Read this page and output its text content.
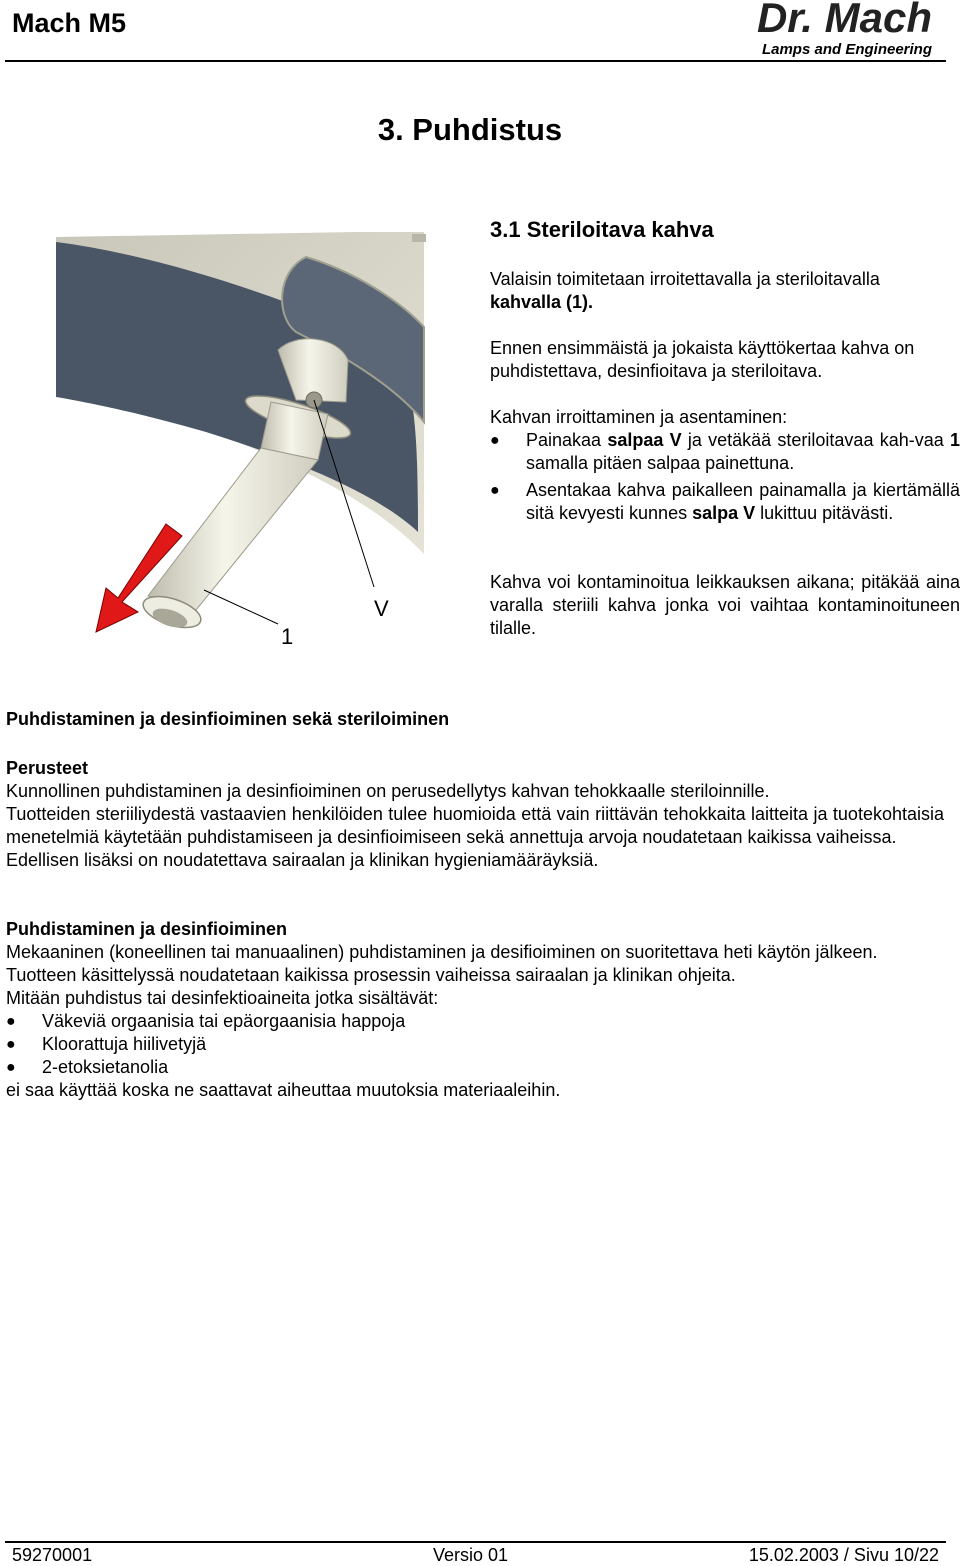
Mach M5	Dr. Mach
Lamps and Engineering
3. Puhdistus
V
1
3.1 Steriloitava kahva
Valaisin toimitetaan irroitettavalla ja steriloitavalla
kahvalla (1).
Ennen ensimmäistä ja jokaista käyttökertaa kahva on puhdistettava, desinfioitava ja steriloitava.
Kahvan irroittaminen ja asentaminen:
●	Painakaa salpaa V ja vetäkää steriloitavaa kah-vaa 1 samalla pitäen salpaa painettuna.
●	Asentakaa kahva paikalleen painamalla ja kiertämällä sitä kevyesti kunnes salpa V lukittuu pitävästi.
Kahva voi kontaminoitua leikkauksen aikana; pitäkää aina varalla steriili kahva jonka voi vaihtaa kontaminoituneen tilalle.
Puhdistaminen ja desinfioiminen sekä steriloiminen
Perusteet
Kunnollinen puhdistaminen ja desinfioiminen on perusedellytys kahvan tehokkaalle steriloinnille.
Tuotteiden steriiliydestä vastaavien henkilöiden tulee huomioida että vain riittävän tehokkaita laitteita ja tuotekohtaisia menetelmiä käytetään puhdistamiseen ja desinfioimiseen sekä annettuja arvoja noudatetaan kaikissa vaiheissa.
Edellisen lisäksi on noudatettava sairaalan ja klinikan hygieniamääräyksiä.
Puhdistaminen ja desinfioiminen
Mekaaninen (koneellinen tai manuaalinen) puhdistaminen ja desifioiminen on suoritettava heti käytön jälkeen.
Tuotteen käsittelyssä noudatetaan kaikissa prosessin vaiheissa sairaalan ja klinikan ohjeita.
Mitään puhdistus tai desinfektioaineita jotka sisältävät:
●	Väkeviä orgaanisia tai epäorgaanisia happoja
●	Kloorattuja hiilivetyjä
●	2-etoksietanolia
ei saa käyttää koska ne saattavat aiheuttaa muutoksia materiaaleihin.
59270001	Versio 01	15.02.2003 / Sivu 10/22
